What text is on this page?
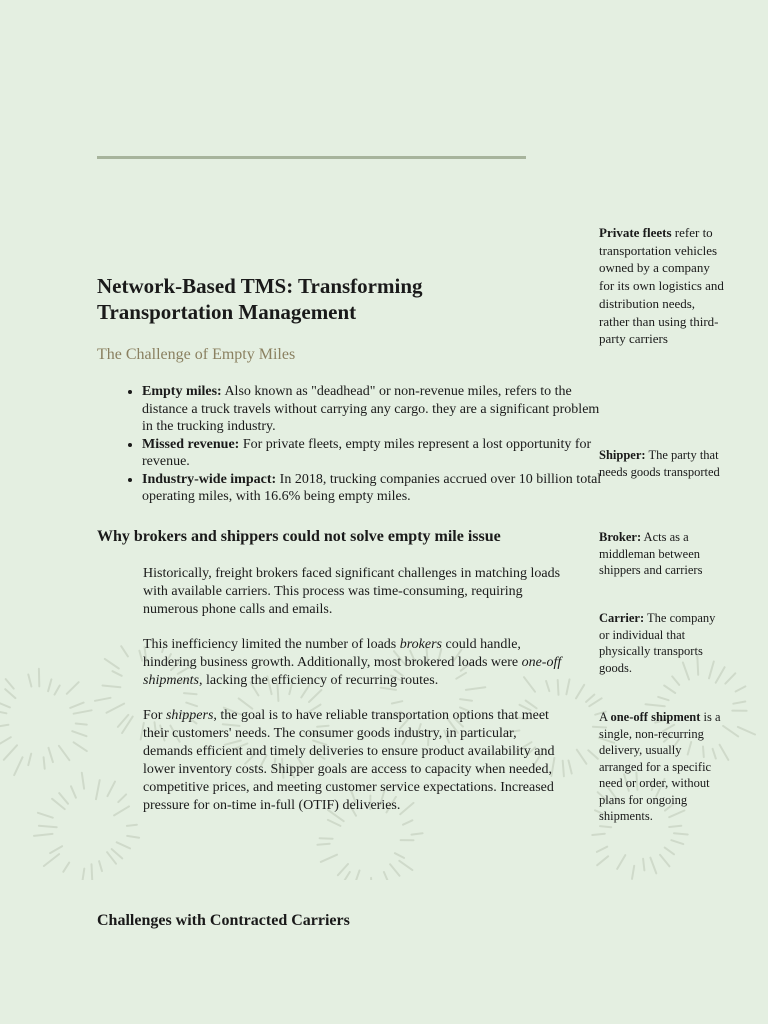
Network-Based TMS: Transforming Transportation Management
The Challenge of Empty Miles
• Empty miles: Also known as "deadhead" or non-revenue miles, refers to the distance a truck travels without carrying any cargo. they are a significant problem in the trucking industry.
• Missed revenue: For private fleets, empty miles represent a lost opportunity for revenue.
• Industry-wide impact: In 2018, trucking companies accrued over 10 billion total operating miles, with 16.6% being empty miles.
Why brokers and shippers could not solve empty mile issue

Historically, freight brokers faced significant challenges in matching loads with available carriers. This process was time-consuming, requiring numerous phone calls and emails.

This inefficiency limited the number of loads brokers could handle, hindering business growth. Additionally, most brokered loads were one-off shipments, lacking the efficiency of recurring routes.

For shippers, the goal is to have reliable transportation options that meet their customers' needs. The consumer goods industry, in particular, demands efficient and timely deliveries to ensure product availability and lower inventory costs. Shipper goals are access to capacity when needed, competitive prices, and meeting customer service expectations. Increased pressure for on-time in-full (OTIF) deliveries.

Challenges with Contracted Carriers

Private fleets refer to transportation vehicles owned by a company for its own logistics and distribution needs, rather than using third-party carriers

Shipper: The party that needs goods transported

Broker: Acts as a middleman between shippers and carriers

Carrier: The company or individual that physically transports goods.

A one-off shipment is a single, non-recurring delivery, usually arranged for a specific need or order, without plans for ongoing shipments.
